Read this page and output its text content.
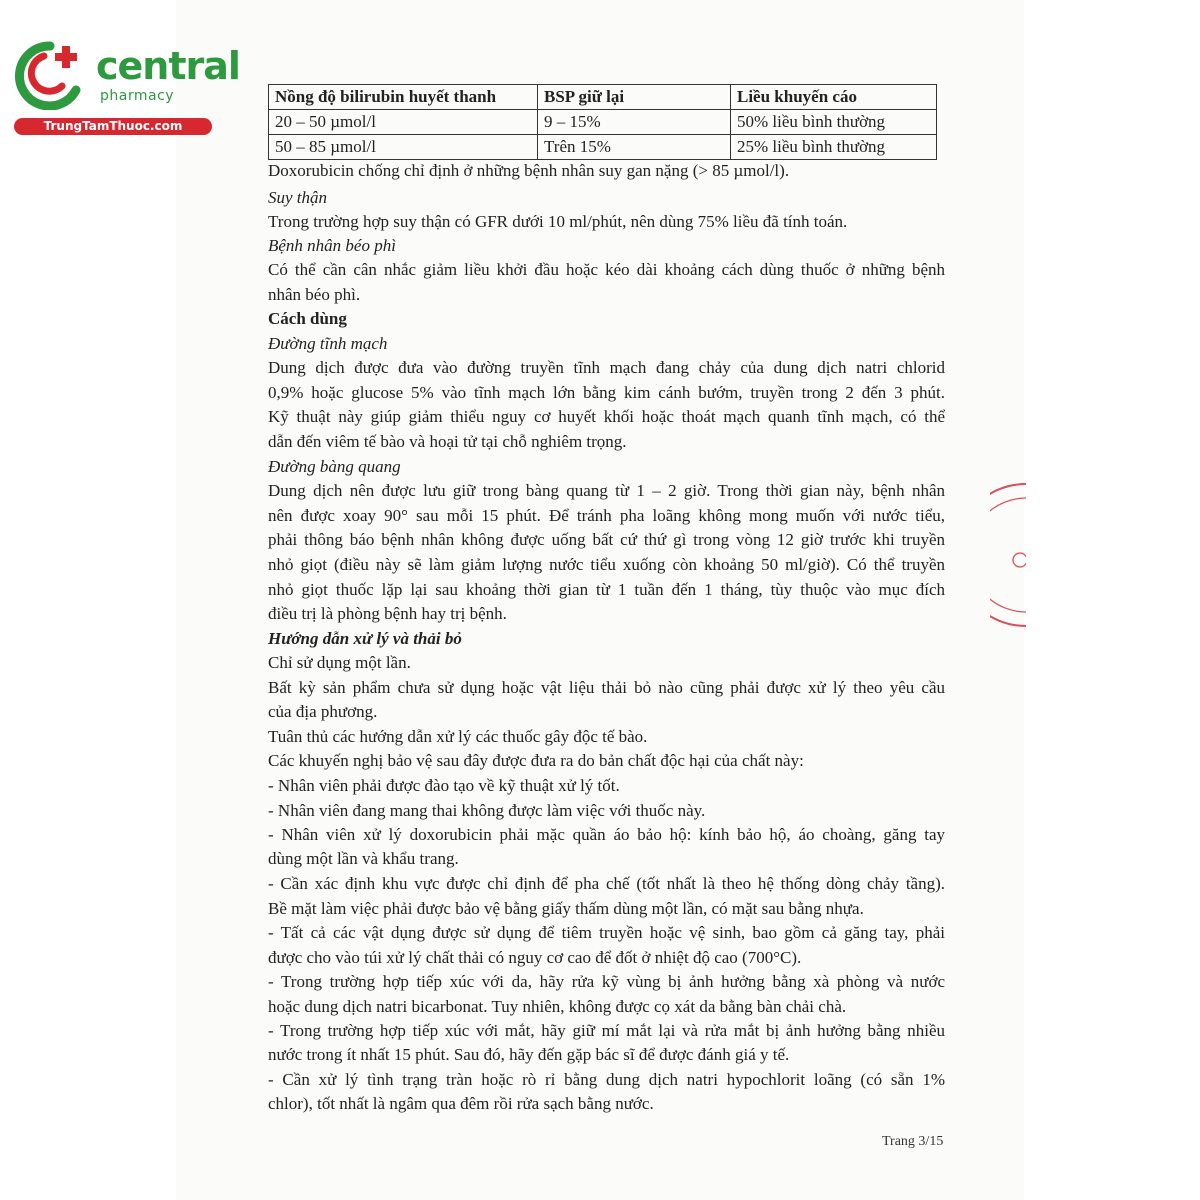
central
pharmacy
TrungTamThuoc.com
Nồng độ bilirubin huyết thanh	BSP giữ lại	Liều khuyến cáo
20 – 50 µmol/l	9 – 15%	50% liều bình thường
50 – 85 µmol/l	Trên 15%	25% liều bình thường
Doxorubicin chống chỉ định ở những bệnh nhân suy gan nặng (> 85 µmol/l).
Suy thận
Trong trường hợp suy thận có GFR dưới 10 ml/phút, nên dùng 75% liều đã tính toán.
Bệnh nhân béo phì
Có thể cần cân nhắc giảm liều khởi đầu hoặc kéo dài khoảng cách dùng thuốc ở những bệnh
nhân béo phì.
Cách dùng
Đường tĩnh mạch
Dung dịch được đưa vào đường truyền tĩnh mạch đang chảy của dung dịch natri chlorid
0,9% hoặc glucose 5% vào tĩnh mạch lớn bằng kim cánh bướm, truyền trong 2 đến 3 phút.
Kỹ thuật này giúp giảm thiểu nguy cơ huyết khối hoặc thoát mạch quanh tĩnh mạch, có thể
dẫn đến viêm tế bào và hoại tử tại chỗ nghiêm trọng.
Đường bàng quang
Dung dịch nên được lưu giữ trong bàng quang từ 1 – 2 giờ. Trong thời gian này, bệnh nhân
nên được xoay 90° sau mỗi 15 phút. Để tránh pha loãng không mong muốn với nước tiểu,
phải thông báo bệnh nhân không được uống bất cứ thứ gì trong vòng 12 giờ trước khi truyền
nhỏ giọt (điều này sẽ làm giảm lượng nước tiểu xuống còn khoảng 50 ml/giờ). Có thể truyền
nhỏ giọt thuốc lặp lại sau khoảng thời gian từ 1 tuần đến 1 tháng, tùy thuộc vào mục đích
điều trị là phòng bệnh hay trị bệnh.
Hướng dẫn xử lý và thải bỏ
Chỉ sử dụng một lần.
Bất kỳ sản phẩm chưa sử dụng hoặc vật liệu thải bỏ nào cũng phải được xử lý theo yêu cầu
của địa phương.
Tuân thủ các hướng dẫn xử lý các thuốc gây độc tế bào.
Các khuyến nghị bảo vệ sau đây được đưa ra do bản chất độc hại của chất này:
- Nhân viên phải được đào tạo về kỹ thuật xử lý tốt.
- Nhân viên đang mang thai không được làm việc với thuốc này.
- Nhân viên xử lý doxorubicin phải mặc quần áo bảo hộ: kính bảo hộ, áo choàng, găng tay
dùng một lần và khẩu trang.
- Cần xác định khu vực được chỉ định để pha chế (tốt nhất là theo hệ thống dòng chảy tầng).
Bề mặt làm việc phải được bảo vệ bằng giấy thấm dùng một lần, có mặt sau bằng nhựa.
- Tất cả các vật dụng được sử dụng để tiêm truyền hoặc vệ sinh, bao gồm cả găng tay, phải
được cho vào túi xử lý chất thải có nguy cơ cao để đốt ở nhiệt độ cao (700°C).
- Trong trường hợp tiếp xúc với da, hãy rửa kỹ vùng bị ảnh hưởng bằng xà phòng và nước
hoặc dung dịch natri bicarbonat. Tuy nhiên, không được cọ xát da bằng bàn chải chà.
- Trong trường hợp tiếp xúc với mắt, hãy giữ mí mắt lại và rửa mắt bị ảnh hưởng bằng nhiều
nước trong ít nhất 15 phút. Sau đó, hãy đến gặp bác sĩ để được đánh giá y tế.
- Cần xử lý tình trạng tràn hoặc rò rỉ bằng dung dịch natri hypochlorit loãng (có sẵn 1%
chlor), tốt nhất là ngâm qua đêm rồi rửa sạch bằng nước.
Trang 3/15
